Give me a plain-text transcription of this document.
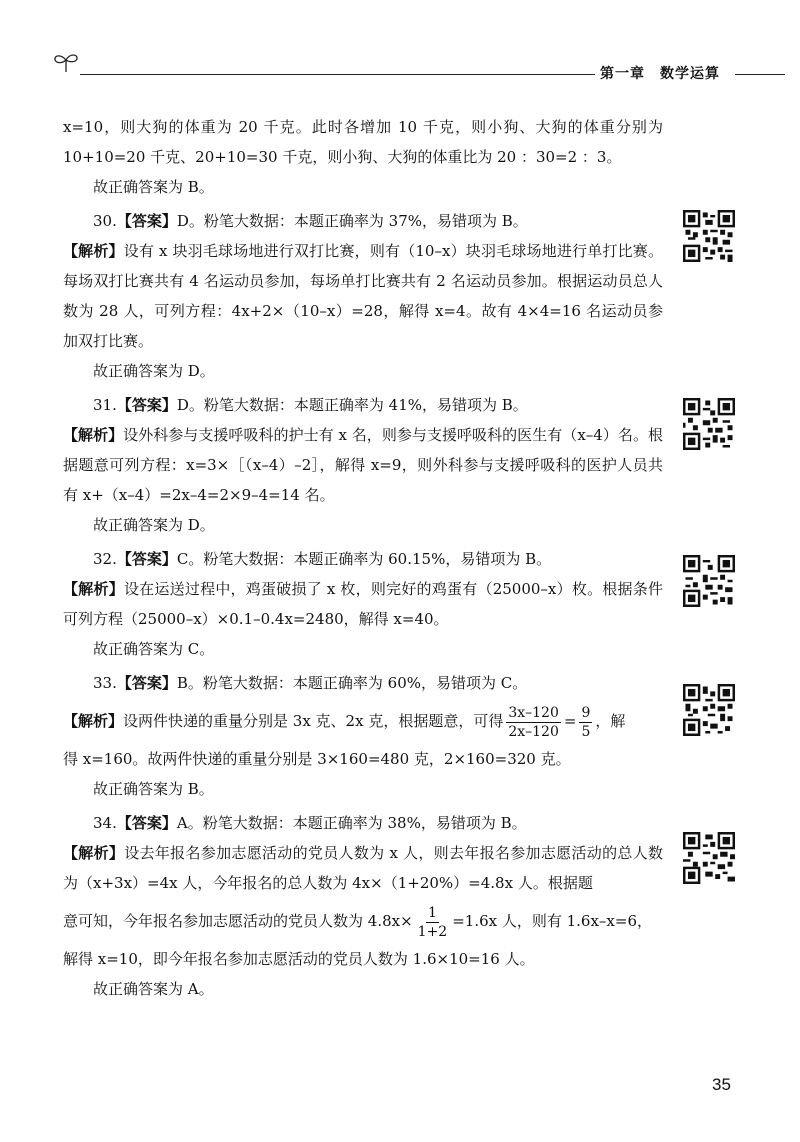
第一章　数学运算

x=10，则大狗的体重为 20 千克。此时各增加 10 千克，则小狗、大狗的体重分别为 10+10=20 千克、20+10=30 千克，则小狗、大狗的体重比为 20 ：30=2 ：3。

故正确答案为 B。

30.【答案】D。粉笔大数据：本题正确率为 37%，易错项为 B。

【解析】设有 x 块羽毛球场地进行双打比赛，则有（10–x）块羽毛球场地进行单打比赛。每场双打比赛共有 4 名运动员参加，每场单打比赛共有 2 名运动员参加。根据运动员总人数为 28 人，可列方程：4x+2×（10–x）=28，解得 x=4。故有 4×4=16 名运动员参加双打比赛。

故正确答案为 D。

31.【答案】D。粉笔大数据：本题正确率为 41%，易错项为 B。

【解析】设外科参与支援呼吸科的护士有 x 名，则参与支援呼吸科的医生有（x–4）名。根据题意可列方程：x=3×［（x–4）–2］，解得 x=9，则外科参与支援呼吸科的医护人员共有 x+（x–4）=2x–4=2×9–4=14 名。

故正确答案为 D。

32.【答案】C。粉笔大数据：本题正确率为 60.15%，易错项为 B。

【解析】设在运送过程中，鸡蛋破损了 x 枚，则完好的鸡蛋有（25000–x）枚。根据条件可列方程（25000–x）×0.1–0.4x=2480，解得 x=40。

故正确答案为 C。

33.【答案】B。粉笔大数据：本题正确率为 60%，易错项为 C。

【解析】设两件快递的重量分别是 3x 克、2x 克，根据题意，可得 $\frac{3x-120}{2x-120} = \frac{9}{5}$ ，解

得 x=160。故两件快递的重量分别是 3×160=480 克，2×160=320 克。

故正确答案为 B。

34.【答案】A。粉笔大数据：本题正确率为 38%，易错项为 B。

【解析】设去年报名参加志愿活动的党员人数为 x 人，则去年报名参加志愿活动的总人数为（x+3x）=4x 人，今年报名的总人数为 4x×（1+20%）=4.8x 人。根据题

意可知，今年报名参加志愿活动的党员人数为 $4.8x\times \frac{1}{1+2} =1.6x$ 人，则有 1.6x–x=6，

解得 x=10，即今年报名参加志愿活动的党员人数为 1.6×10=16 人。

故正确答案为 A。

35
